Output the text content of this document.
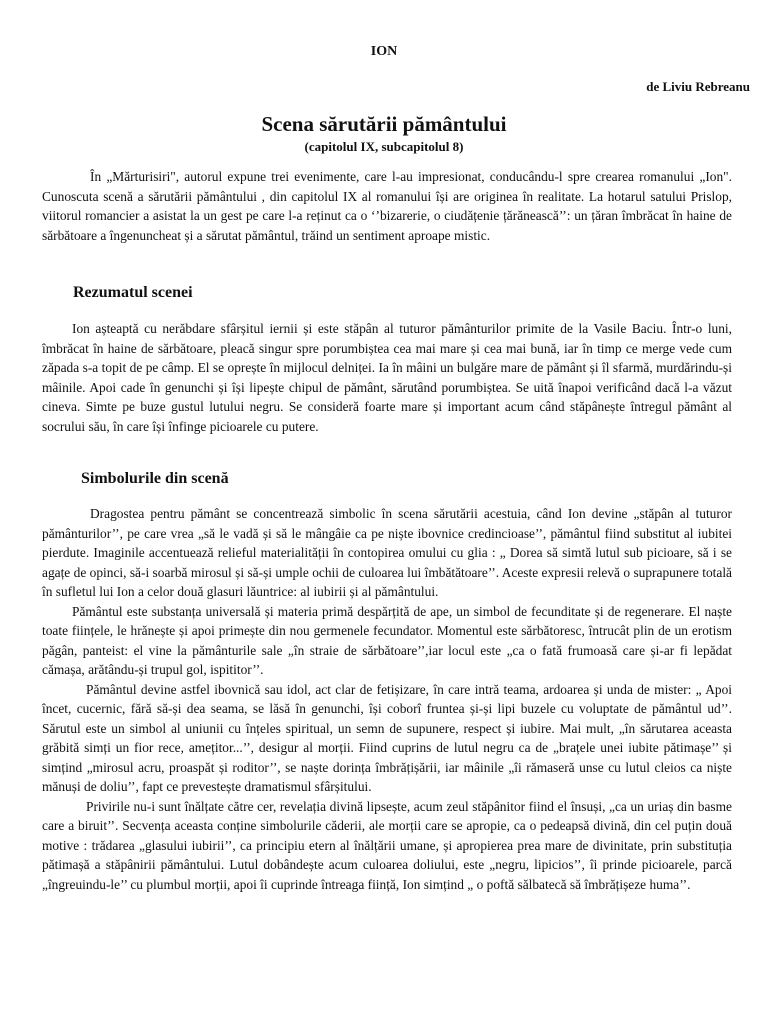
ION
de Liviu Rebreanu
Scena sărutării pământului
(capitolul IX, subcapitolul 8)

În „Mărturisiri", autorul expune trei evenimente, care l-au impresionat, conducându-l spre crearea romanului „Ion". Cunoscuta scenă a sărutării pământului , din capitolul IX al romanului își are originea în realitate. La hotarul satului Prislop, viitorul romancier a asistat la un gest pe care l-a reținut ca o ‘’bizarerie, o ciudățenie țărănească’’: un țăran îmbrăcat în haine de sărbătoare a îngenuncheat și a sărutat pământul, trăind un sentiment aproape mistic.

Rezumatul scenei

Ion așteaptă cu nerăbdare sfârșitul iernii și este stăpân al tuturor pământurilor primite de la Vasile Baciu. Într-o luni, îmbrăcat în haine de sărbătoare, pleacă singur spre porumbiștea cea mai mare și cea mai bună, iar în timp ce merge vede cum zăpada s-a topit de pe câmp. El se oprește în mijlocul delniței. Ia în mâini un bulgăre mare de pământ și îl sfarmă, murdărindu-și mâinile. Apoi cade în genunchi și își lipește chipul de pământ, sărutând porumbiștea. Se uită înapoi verificând dacă l-a văzut cineva. Simte pe buze gustul lutului negru. Se consideră foarte mare și important acum când stăpânește întregul pământ al socrului său, în care își înfinge picioarele cu putere.

Simbolurile din scenă

Dragostea pentru pământ se concentrează simbolic în scena sărutării acestuia, când Ion devine „stăpân al tuturor pământurilor’’, pe care vrea „să le vadă și să le mângâie ca pe niște ibovnice credincioase’’, pământul fiind substitut al iubitei pierdute. Imaginile accentuează relieful materialității în contopirea omului cu glia : „ Dorea să simtă lutul sub picioare, să i se agațe de opinci, să-i soarbă mirosul și să-și umple ochii de culoarea lui îmbătătoare’’. Aceste expresii relevă o suprapunere totală în sufletul lui Ion a celor două glasuri lăuntrice: al iubirii și al pământului.

Pământul este substanța universală și materia primă despărțită de ape, un simbol de fecunditate și de regenerare. El naște toate ființele, le hrănește și apoi primește din nou germenele fecundator. Momentul este sărbătoresc, întrucât plin de un erotism păgân, panteist: el vine la pământurile sale „în straie de sărbătoare’’,iar locul este „ca o fată frumoasă care și-ar fi lepădat cămașa, arătându-și trupul gol, ispititor’’.

Pământul devine astfel ibovnică sau idol, act clar de fetișizare, în care intră teama, ardoarea și unda de mister: „ Apoi încet, cucernic, fără să-și dea seama, se lăsă în genunchi, își coborî fruntea și-și lipi buzele cu voluptate de pământul ud’’. Sărutul este un simbol al uniunii cu înțeles spiritual, un semn de supunere, respect și iubire. Mai mult, „în sărutarea aceasta grăbită simți un fior rece, amețitor...’’, desigur al morții. Fiind cuprins de lutul negru ca de „brațele unei iubite pătimașe’’ și simțind „mirosul acru, proaspăt și roditor’’, se naște dorința îmbrățișării, iar mâinile „îi rămaseră unse cu lutul cleios ca niște mănuși de doliu’’, fapt ce prevestește dramatismul sfârșitului.

Privirile nu-i sunt înălțate către cer, revelația divină lipsește, acum zeul stăpânitor fiind el însuși, „ca un uriaș din basme care a biruit’’. Secvența aceasta conține simbolurile căderii, ale morții care se apropie, ca o pedeapsă divină, din cel puțin două motive : trădarea „glasului iubirii’’, ca principiu etern al înălțării umane, și apropierea prea mare de divinitate, prin substituția pătimașă a stăpânirii pământului. Lutul dobândește acum culoarea doliului, este „negru, lipicios’’, îi prinde picioarele, parcă „îngreuindu-le’’ cu plumbul morții, apoi îi cuprinde întreaga ființă, Ion simțind „ o poftă sălbatecă să îmbrățișeze huma’’.
